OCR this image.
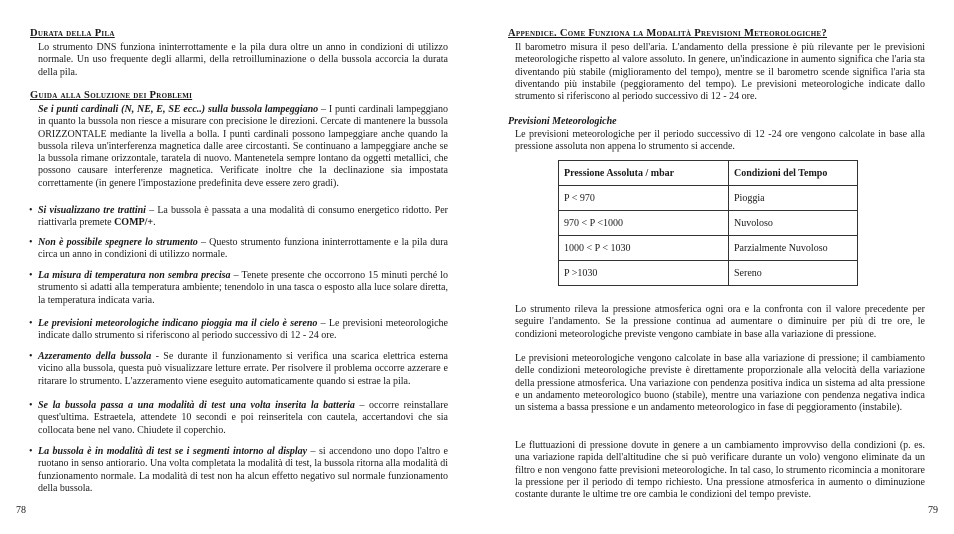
Durata della Pila
Lo strumento DNS funziona ininterrottamente e la pila dura oltre un anno in condizioni di utilizzo normale. Un uso frequente degli allarmi, della retroilluminazione o della bussola accorcia la durata della pila.
Guida alla Soluzione dei Problemi
Se i punti cardinali (N, NE, E, SE ecc..) sulla bussola lampeggiano – I punti cardinali lampeggiano in quanto la bussola non riesce a misurare con precisione le direzioni. Cercate di mantenere la bussola ORIZZONTALE mediante la livella a bolla. I punti cardinali possono lampeggiare anche quando la bussola rileva un'interferenza magnetica dalle aree circostanti. Se continuano a lampeggiare anche se la bussola rimane orizzontale, taratela di nuovo. Mantenetela sempre lontano da oggetti metallici, che possono causare interferenze magnetica. Verificate inoltre che la declinazione sia impostata correttamente (in genere l'impostazione predefinita deve essere zero gradi).
• Si visualizzano tre trattini – La bussola è passata a una modalità di consumo energetico ridotto. Per riattivarla premete COMP/+.
• Non è possibile spegnere lo strumento – Questo strumento funziona ininterrottamente e la pila dura circa un anno in condizioni di utilizzo normale.
• La misura di temperatura non sembra precisa – Tenete presente che occorrono 15 minuti perché lo strumento si adatti alla temperatura ambiente; tenendolo in una tasca o esposto alla luce solare diretta, la temperatura indicata varia.
• Le previsioni meteorologiche indicano pioggia ma il cielo è sereno – Le previsioni meteorologiche indicate dallo strumento si riferiscono al periodo successivo di 12 - 24 ore.
• Azzeramento della bussola - Se durante il funzionamento si verifica una scarica elettrica esterna vicino alla bussola, questa può visualizzare letture errate. Per risolvere il problema occorre azzerare e ritarare lo strumento. L'azzeramento viene eseguito automaticamente quando si estrae la pila.
• Se la bussola passa a una modalità di test una volta inserita la batteria – occorre reinstallare quest'ultima. Estraetela, attendete 10 secondi e poi reinseritela con cautela, accertandovi che sia collocata bene nel vano. Chiudete il coperchio.
• La bussola è in modalità di test se i segmenti intorno al display – si accendono uno dopo l'altro e ruotano in senso antiorario. Una volta completata la modalità di test, la bussola ritorna alla modalità di funzionamento normale. La modalità di test non ha alcun effetto negativo sul normale funzionamento della bussola.
78
Appendice. Come Funziona la Modalità Previsioni Meteorologiche?
Il barometro misura il peso dell'aria. L'andamento della pressione è più rilevante per le previsioni meteorologiche rispetto al valore assoluto. In genere, un'indicazione in aumento significa che l'aria sta diventando più stabile (miglioramento del tempo), mentre se il barometro scende significa l'aria sta diventando più instabile (peggioramento del tempo). Le previsioni meteorologiche indicate dallo strumento si riferiscono al periodo successivo di 12 - 24 ore.
Previsioni Meteorologiche
Le previsioni meteorologiche per il periodo successivo di 12 -24 ore vengono calcolate in base alla pressione assoluta non appena lo strumento si accende.
Pressione Assoluta / mbar	Condizioni del Tempo
P < 970	Pioggia
970 < P <1000	Nuvoloso
1000 < P < 1030	Parzialmente Nuvoloso
P >1030	Sereno
Lo strumento rileva la pressione atmosferica ogni ora e la confronta con il valore precedente per seguire l'andamento. Se la pressione continua ad aumentare o diminuire per più di tre ore, le condizioni meteorologiche previste vengono cambiate in base alla variazione di pressione.
Le previsioni meteorologiche vengono calcolate in base alla variazione di pressione; il cambiamento delle condizioni meteorologiche previste è direttamente proporzionale alla velocità della variazione della pressione atmosferica. Una variazione con pendenza positiva indica un sistema ad alta pressione e un andamento meteorologico buono (stabile), mentre una variazione con pendenza negativa indica un sistema a bassa pressione e un andamento meteorologico in fase di peggioramento (instabile).
Le fluttuazioni di pressione dovute in genere a un cambiamento improvviso della condizioni (p. es. una variazione rapida dell'altitudine che si può verificare durante un volo) vengono eliminate da un filtro e non vengono fatte previsioni meteorologiche. In tal caso, lo strumento ricomincia a monitorare la pressione per il periodo di tempo richiesto. Una pressione atmosferica in aumento o diminuzione costante durante le ultime tre ore cambia le condizioni del tempo previste.
79
